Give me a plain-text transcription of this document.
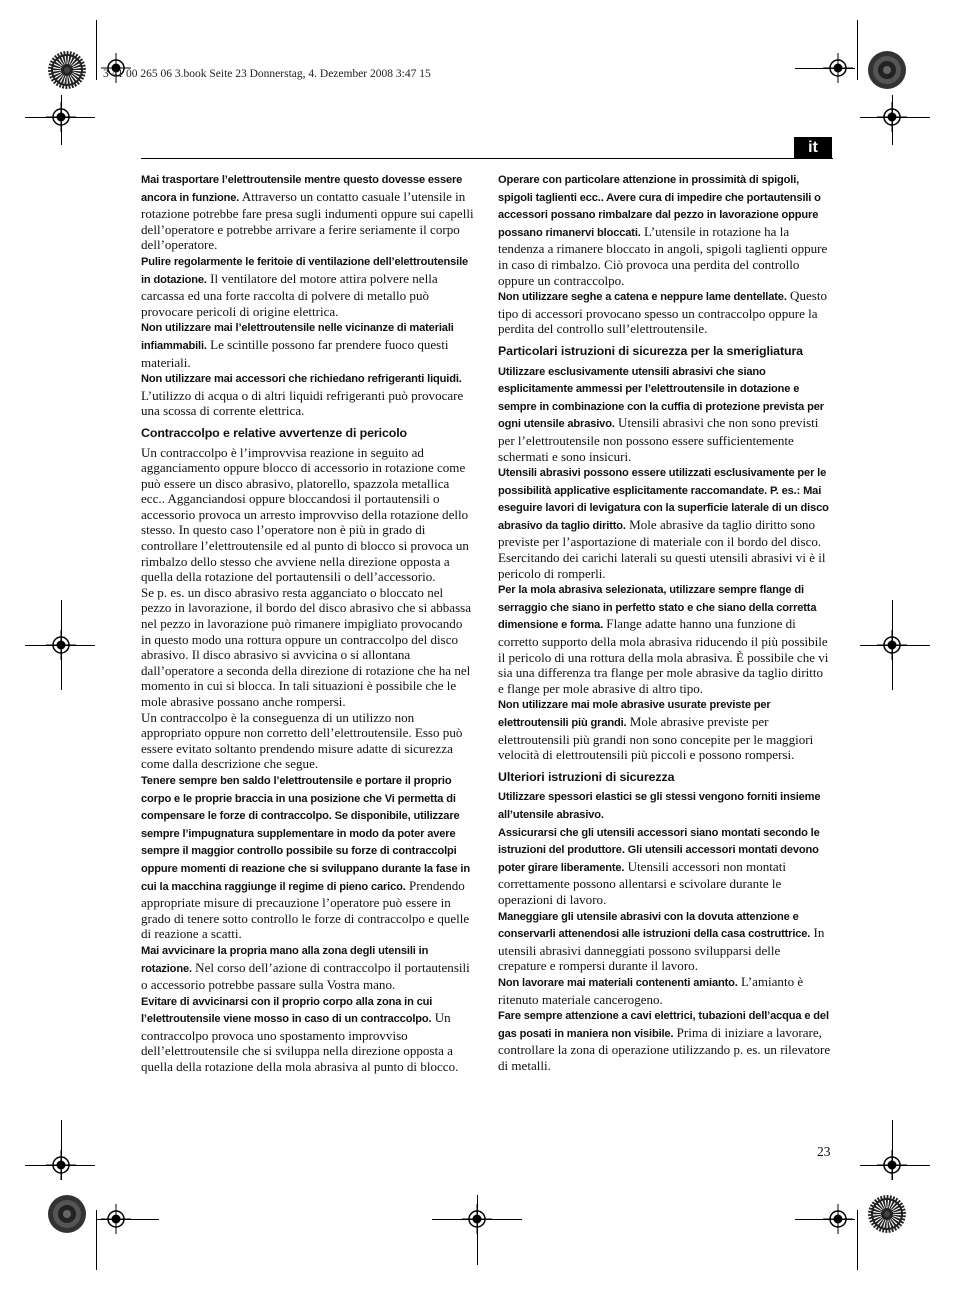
3 41 00 265 06 3.book Seite 23 Donnerstag, 4. Dezember 2008 3:47 15
it

Mai trasportare l’elettroutensile mentre questo dovesse essere ancora in funzione. Attraverso un contatto casuale l’utensile in rotazione potrebbe fare presa sugli indumenti oppure sui capelli dell’operatore e potrebbe arrivare a ferire seriamente il corpo dell’operatore.

Pulire regolarmente le feritoie di ventilazione dell’elettroutensile in dotazione. Il ventilatore del motore attira polvere nella carcassa ed una forte raccolta di polvere di metallo può provocare pericoli di origine elettrica.

Non utilizzare mai l’elettroutensile nelle vicinanze di materiali infiammabili. Le scintille possono far prendere fuoco questi materiali.

Non utilizzare mai accessori che richiedano refrigeranti liquidi. L’utilizzo di acqua o di altri liquidi refrigeranti può provocare una scossa di corrente elettrica.

Contraccolpo e relative avvertenze di pericolo

Un contraccolpo è l’improvvisa reazione in seguito ad agganciamento oppure blocco di accessorio in rotazione come può essere un disco abrasivo, platorello, spazzola metallica ecc.. Agganciandosi oppure bloccandosi il portautensili o accessorio provoca un arresto improvviso della rotazione dello stesso. In questo caso l’operatore non è più in grado di controllare l’elettroutensile ed al punto di blocco si provoca un rimbalzo dello stesso che avviene nella direzione opposta a quella della rotazione del portautensili o dell’accessorio.

Se p. es. un disco abrasivo resta agganciato o bloccato nel pezzo in lavorazione, il bordo del disco abrasivo che si abbassa nel pezzo in lavorazione può rimanere impigliato provocando in questo modo una rottura oppure un contraccolpo del disco abrasivo. Il disco abrasivo si avvicina o si allontana dall’operatore a seconda della direzione di rotazione che ha nel momento in cui si blocca. In tali situazioni è possibile che le mole abrasive possano anche rompersi.

Un contraccolpo è la conseguenza di un utilizzo non appropriato oppure non corretto dell’elettroutensile. Esso può essere evitato soltanto prendendo misure adatte di sicurezza come dalla descrizione che segue.

Tenere sempre ben saldo l’elettroutensile e portare il proprio corpo e le proprie braccia in una posizione che Vi permetta di compensare le forze di contraccolpo. Se disponibile, utilizzare sempre l’impugnatura supplementare in modo da poter avere sempre il maggior controllo possibile su forze di contraccolpi oppure momenti di reazione che si sviluppano durante la fase in cui la macchina raggiunge il regime di pieno carico. Prendendo appropriate misure di precauzione l’operatore può essere in grado di tenere sotto controllo le forze di contraccolpo e quelle di reazione a scatti.

Mai avvicinare la propria mano alla zona degli utensili in rotazione. Nel corso dell’azione di contraccolpo il portautensili o accessorio potrebbe passare sulla Vostra mano.

Evitare di avvicinarsi con il proprio corpo alla zona in cui l’elettroutensile viene mosso in caso di un contraccolpo. Un contraccolpo provoca uno spostamento improvviso dell’elettroutensile che si sviluppa nella direzione opposta a quella della rotazione della mola abrasiva al punto di blocco.

Operare con particolare attenzione in prossimità di spigoli, spigoli taglienti ecc.. Avere cura di impedire che portautensili o accessori possano rimbalzare dal pezzo in lavorazione oppure possano rimanervi bloccati. L’utensile in rotazione ha la tendenza a rimanere bloccato in angoli, spigoli taglienti oppure in caso di rimbalzo. Ciò provoca una perdita del controllo oppure un contraccolpo.

Non utilizzare seghe a catena e neppure lame dentellate. Questo tipo di accessori provocano spesso un contraccolpo oppure la perdita del controllo sull’elettroutensile.

Particolari istruzioni di sicurezza per la smerigliatura

Utilizzare esclusivamente utensili abrasivi che siano esplicitamente ammessi per l’elettroutensile in dotazione e sempre in combinazione con la cuffia di protezione prevista per ogni utensile abrasivo. Utensili abrasivi che non sono previsti per l’elettroutensile non possono essere sufficientemente schermati e sono insicuri.

Utensili abrasivi possono essere utilizzati esclusivamente per le possibilità applicative esplicitamente raccomandate. P. es.: Mai eseguire lavori di levigatura con la superficie laterale di un disco abrasivo da taglio diritto. Mole abrasive da taglio diritto sono previste per l’asportazione di materiale con il bordo del disco. Esercitando dei carichi laterali su questi utensili abrasivi vi è il pericolo di romperli.

Per la mola abrasiva selezionata, utilizzare sempre flange di serraggio che siano in perfetto stato e che siano della corretta dimensione e forma. Flange adatte hanno una funzione di corretto supporto della mola abrasiva riducendo il più possibile il pericolo di una rottura della mola abrasiva. È possibile che vi sia una differenza tra flange per mole abrasive da taglio diritto e flange per mole abrasive di altro tipo.

Non utilizzare mai mole abrasive usurate previste per elettroutensili più grandi. Mole abrasive previste per elettroutensili più grandi non sono concepite per le maggiori velocità di elettroutensili più piccoli e possono rompersi.

Ulteriori istruzioni di sicurezza

Utilizzare spessori elastici se gli stessi vengono forniti insieme all’utensile abrasivo.

Assicurarsi che gli utensili accessori siano montati secondo le istruzioni del produttore. Gli utensili accessori montati devono poter girare liberamente. Utensili accessori non montati correttamente possono allentarsi e scivolare durante le operazioni di lavoro.

Maneggiare gli utensile abrasivi con la dovuta attenzione e conservarli attenendosi alle istruzioni della casa costruttrice. In utensili abrasivi danneggiati possono svilupparsi delle crepature e rompersi durante il lavoro.

Non lavorare mai materiali contenenti amianto. L’amianto è ritenuto materiale cancerogeno.

Fare sempre attenzione a cavi elettrici, tubazioni dell’acqua e del gas posati in maniera non visibile. Prima di iniziare a lavorare, controllare la zona di operazione utilizzando p. es. un rilevatore di metalli.

23
